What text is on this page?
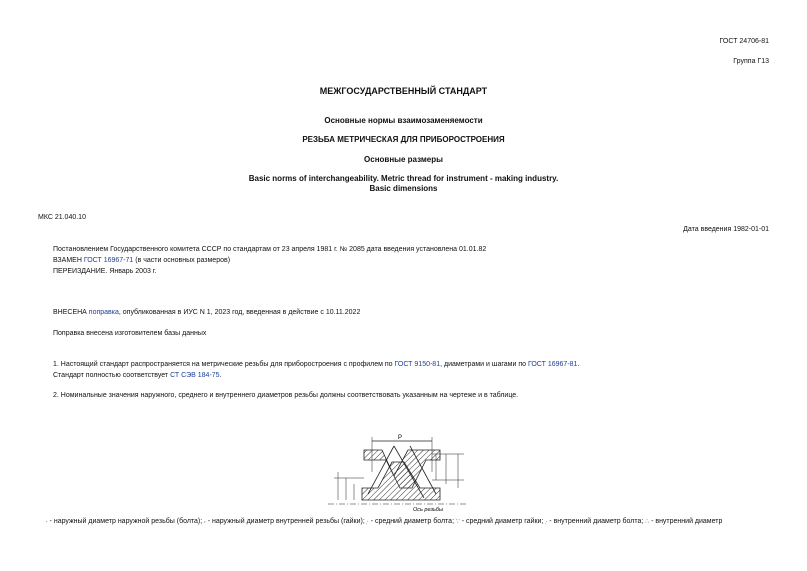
ГОСТ 24706-81
Группа Г13
МЕЖГОСУДАРСТВЕННЫЙ СТАНДАРТ
Основные нормы взаимозаменяемости
РЕЗЬБА МЕТРИЧЕСКАЯ ДЛЯ ПРИБОРОСТРОЕНИЯ
Основные размеры
Basic norms of interchangeability. Metric thread for instrument - making industry.
Basic dimensions
МКС 21.040.10
Дата введения 1982-01-01
Постановлением Государственного комитета СССР по стандартам от 23 апреля 1981 г. № 2085 дата введения установлена 01.01.82
ВЗАМЕН ГОСТ 16967-71 (в части основных размеров)
ПЕРЕИЗДАНИЕ. Январь 2003 г.
ВНЕСЕНА поправка, опубликованная в ИУС N 1, 2023 год, введенная в действие с 10.11.2022
Поправка внесена изготовителем базы данных
1. Настоящий стандарт распространяется на метрические резьбы для приборостроения с профилем по ГОСТ 9150-81, диаметрами и шагами по ГОСТ 16967-81.
Стандарт полностью соответствует СТ СЭВ 184-75.
2. Номинальные значения наружного, среднего и внутреннего диаметров резьбы должны соответствовать указанным на чертеже и в таблице.
P
Ось резьбы
⸳ - наружный диаметр наружной резьбы (болта); ⸴ - наружный диаметр внутренней резьбы (гайки); ·̣ - средний диаметр болта; ∵ - средний диаметр гайки; ·̣ - внутренний диаметр болта; ∴ - внутренний диаметр
